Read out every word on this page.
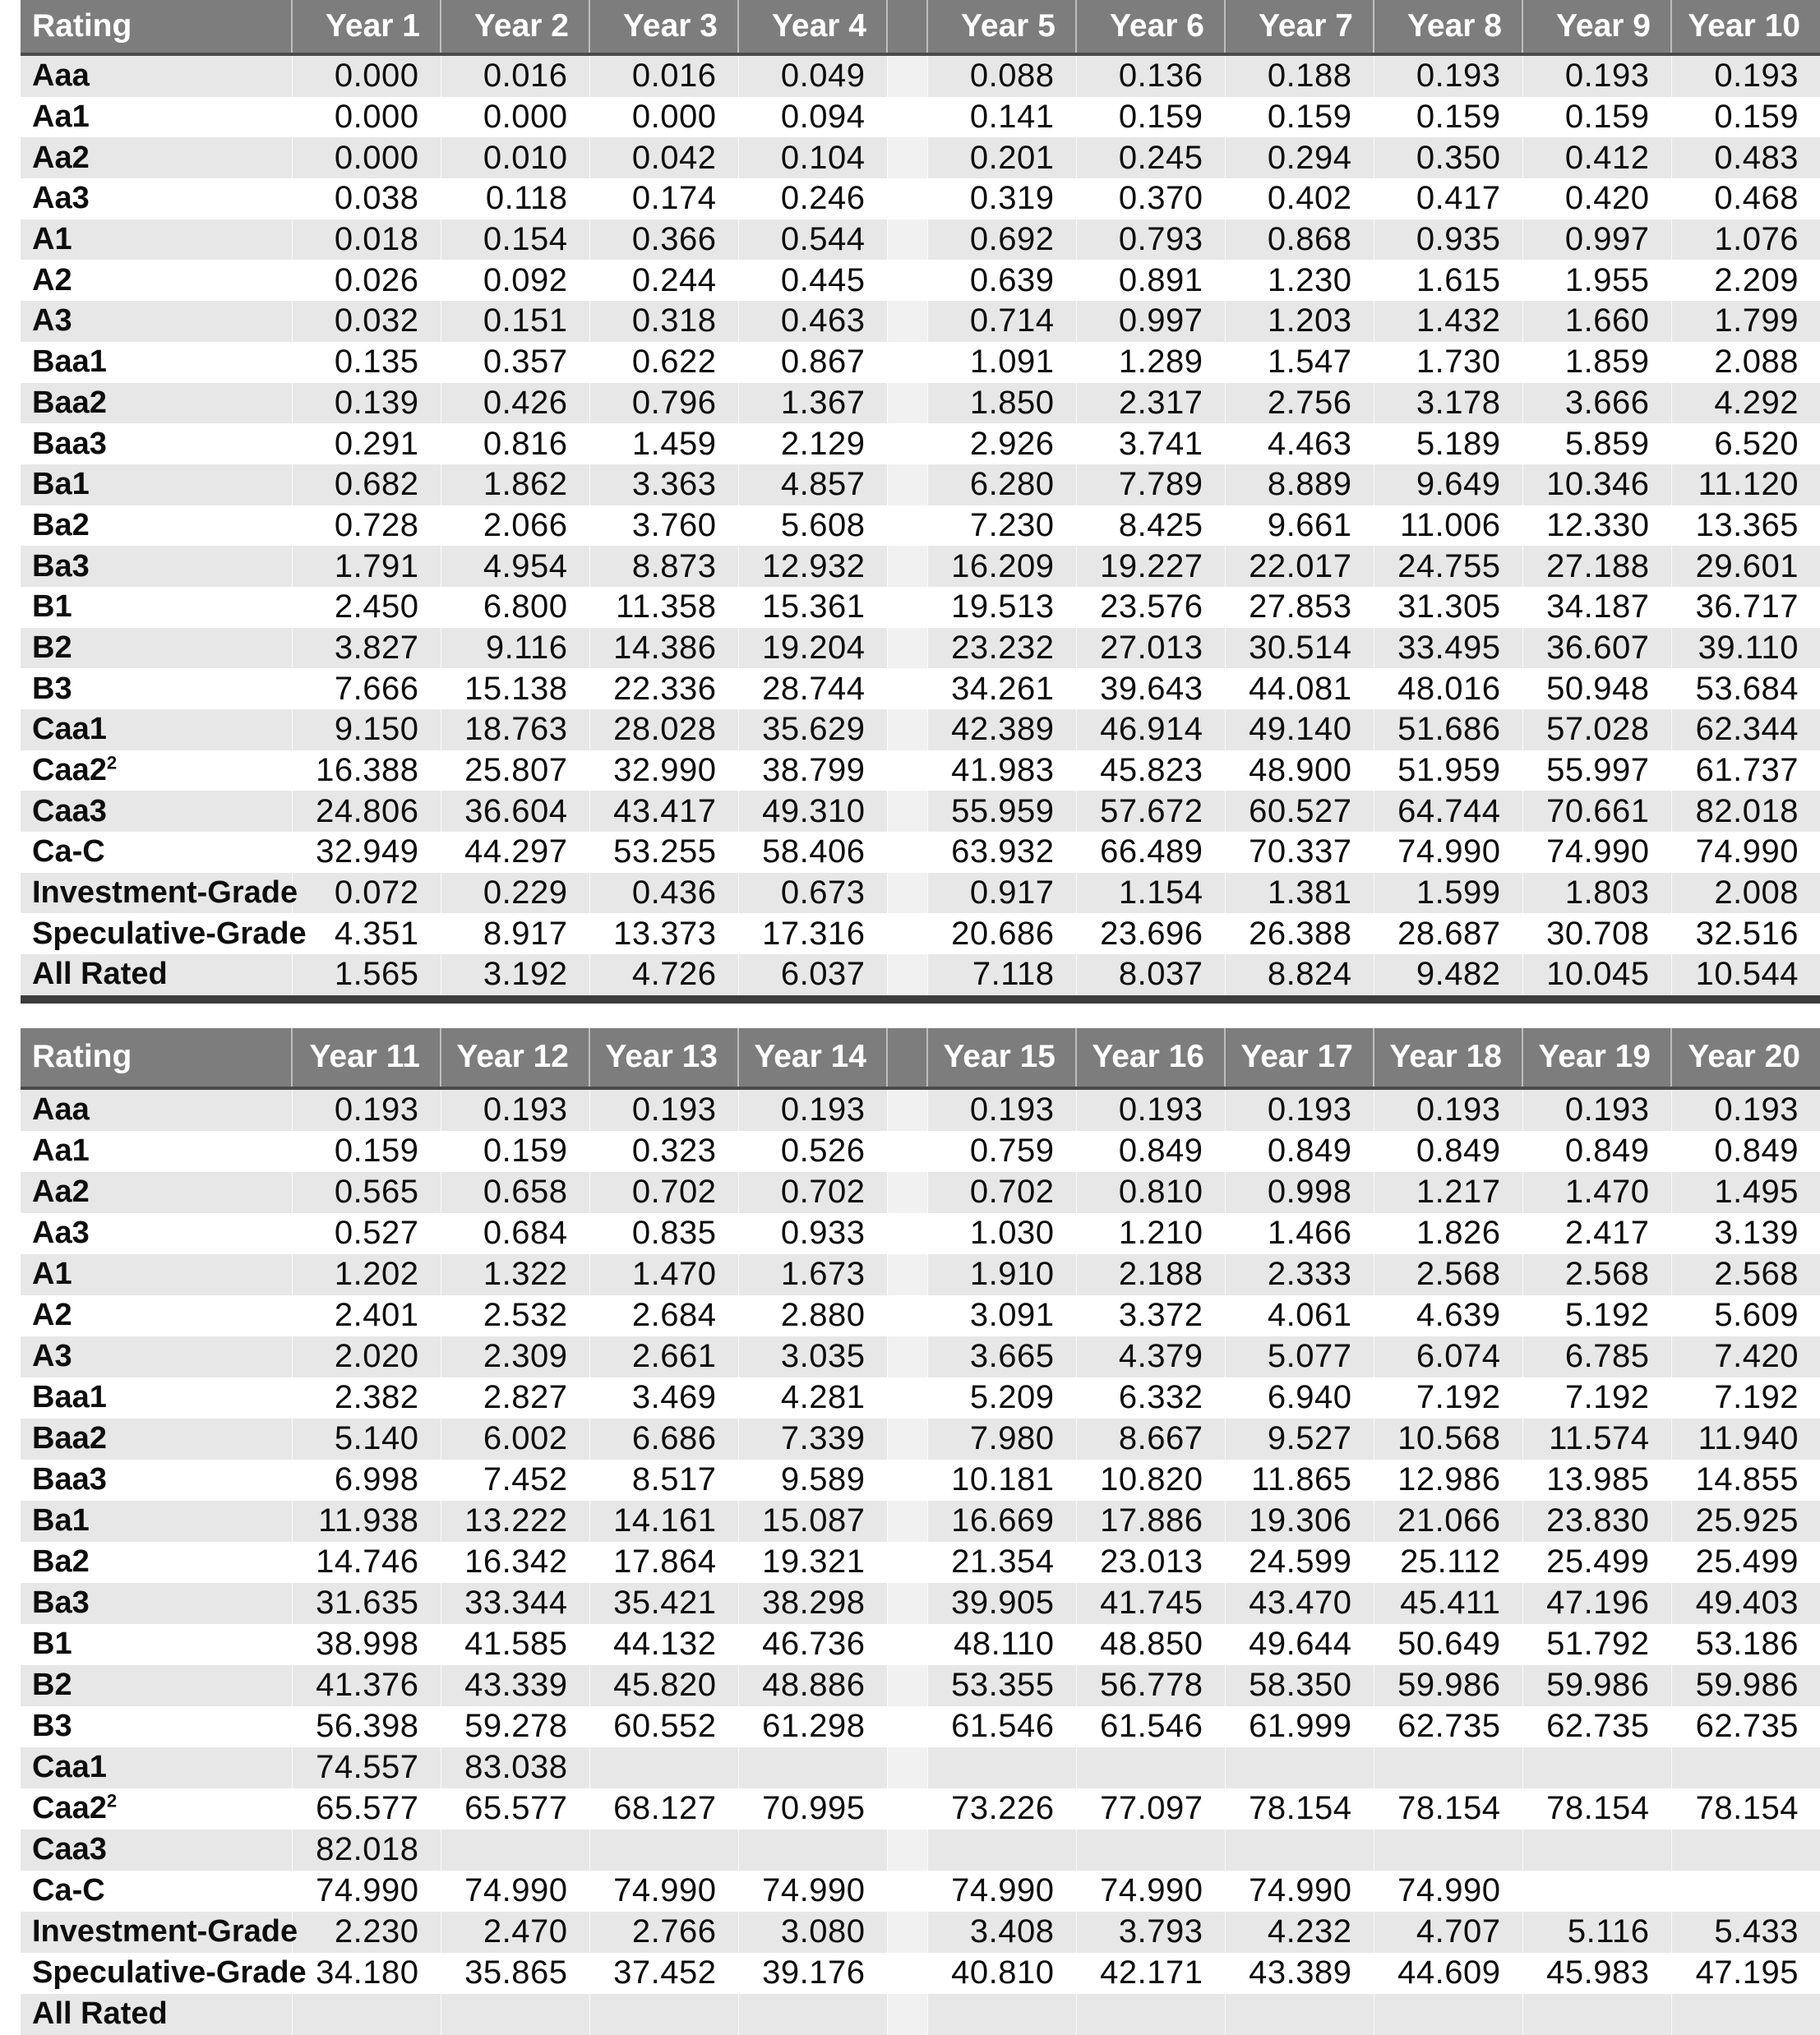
Rating	Year 1	Year 2	Year 3	Year 4		Year 5	Year 6	Year 7	Year 8	Year 9	Year 10
Aaa	0.000	0.016	0.016	0.049		0.088	0.136	0.188	0.193	0.193	0.193
Aa1	0.000	0.000	0.000	0.094		0.141	0.159	0.159	0.159	0.159	0.159
Aa2	0.000	0.010	0.042	0.104		0.201	0.245	0.294	0.350	0.412	0.483
Aa3	0.038	0.118	0.174	0.246		0.319	0.370	0.402	0.417	0.420	0.468
A1	0.018	0.154	0.366	0.544		0.692	0.793	0.868	0.935	0.997	1.076
A2	0.026	0.092	0.244	0.445		0.639	0.891	1.230	1.615	1.955	2.209
A3	0.032	0.151	0.318	0.463		0.714	0.997	1.203	1.432	1.660	1.799
Baa1	0.135	0.357	0.622	0.867		1.091	1.289	1.547	1.730	1.859	2.088
Baa2	0.139	0.426	0.796	1.367		1.850	2.317	2.756	3.178	3.666	4.292
Baa3	0.291	0.816	1.459	2.129		2.926	3.741	4.463	5.189	5.859	6.520
Ba1	0.682	1.862	3.363	4.857		6.280	7.789	8.889	9.649	10.346	11.120
Ba2	0.728	2.066	3.760	5.608		7.230	8.425	9.661	11.006	12.330	13.365
Ba3	1.791	4.954	8.873	12.932		16.209	19.227	22.017	24.755	27.188	29.601
B1	2.450	6.800	11.358	15.361		19.513	23.576	27.853	31.305	34.187	36.717
B2	3.827	9.116	14.386	19.204		23.232	27.013	30.514	33.495	36.607	39.110
B3	7.666	15.138	22.336	28.744		34.261	39.643	44.081	48.016	50.948	53.684
Caa1	9.150	18.763	28.028	35.629		42.389	46.914	49.140	51.686	57.028	62.344
$Caa2^2$	16.388	25.807	32.990	38.799		41.983	45.823	48.900	51.959	55.997	61.737
Caa3	24.806	36.604	43.417	49.310		55.959	57.672	60.527	64.744	70.661	82.018
Ca-C	32.949	44.297	53.255	58.406		63.932	66.489	70.337	74.990	74.990	74.990
Investment-Grade	0.072	0.229	0.436	0.673		0.917	1.154	1.381	1.599	1.803	2.008
Speculative-Grade	4.351	8.917	13.373	17.316		20.686	23.696	26.388	28.687	30.708	32.516
All Rated	1.565	3.192	4.726	6.037		7.118	8.037	8.824	9.482	10.045	10.544
Rating	Year 11	Year 12	Year 13	Year 14		Year 15	Year 16	Year 17	Year 18	Year 19	Year 20
Aaa	0.193	0.193	0.193	0.193		0.193	0.193	0.193	0.193	0.193	0.193
Aa1	0.159	0.159	0.323	0.526		0.759	0.849	0.849	0.849	0.849	0.849
Aa2	0.565	0.658	0.702	0.702		0.702	0.810	0.998	1.217	1.470	1.495
Aa3	0.527	0.684	0.835	0.933		1.030	1.210	1.466	1.826	2.417	3.139
A1	1.202	1.322	1.470	1.673		1.910	2.188	2.333	2.568	2.568	2.568
A2	2.401	2.532	2.684	2.880		3.091	3.372	4.061	4.639	5.192	5.609
A3	2.020	2.309	2.661	3.035		3.665	4.379	5.077	6.074	6.785	7.420
Baa1	2.382	2.827	3.469	4.281		5.209	6.332	6.940	7.192	7.192	7.192
Baa2	5.140	6.002	6.686	7.339		7.980	8.667	9.527	10.568	11.574	11.940
Baa3	6.998	7.452	8.517	9.589		10.181	10.820	11.865	12.986	13.985	14.855
Ba1	11.938	13.222	14.161	15.087		16.669	17.886	19.306	21.066	23.830	25.925
Ba2	14.746	16.342	17.864	19.321		21.354	23.013	24.599	25.112	25.499	25.499
Ba3	31.635	33.344	35.421	38.298		39.905	41.745	43.470	45.411	47.196	49.403
B1	38.998	41.585	44.132	46.736		48.110	48.850	49.644	50.649	51.792	53.186
B2	41.376	43.339	45.820	48.886		53.355	56.778	58.350	59.986	59.986	59.986
B3	56.398	59.278	60.552	61.298		61.546	61.546	61.999	62.735	62.735	62.735
Caa1	74.557	83.038									
$Caa2^2$	65.577	65.577	68.127	70.995		73.226	77.097	78.154	78.154	78.154	78.154
Caa3	82.018										
Ca-C	74.990	74.990	74.990	74.990		74.990	74.990	74.990	74.990		
Investment-Grade	2.230	2.470	2.766	3.080		3.408	3.793	4.232	4.707	5.116	5.433
Speculative-Grade	34.180	35.865	37.452	39.176		40.810	42.171	43.389	44.609	45.983	47.195
All Rated											
